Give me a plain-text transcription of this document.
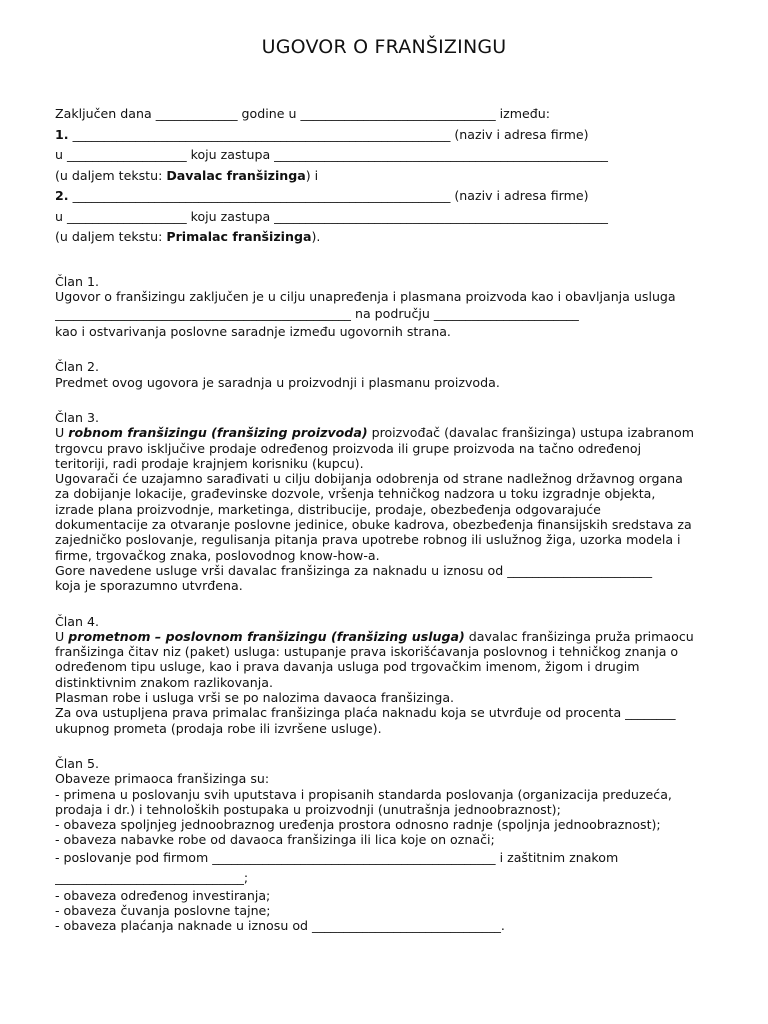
UGOVOR O FRANŠIZINGU
Zaključen dana _____________ godine u _______________________________ između:
1. ____________________________________________________________ (naziv i adresa firme)
u ___________________ koju zastupa _____________________________________________________
(u daljem tekstu: Davalac franšizinga) i
2. ____________________________________________________________ (naziv i adresa firme)
u ___________________ koju zastupa _____________________________________________________
(u daljem tekstu: Primalac franšizinga).
Član 1.
Ugovor o franšizingu zaključen je u cilju unapređenja i plasmana proizvoda kao i obavljanja usluga
_______________________________________________ na području _______________________
kao i ostvarivanja poslovne saradnje između ugovornih strana.
Član 2.
Predmet ovog ugovora je saradnja u proizvodnji i plasmanu proizvoda.
Član 3.
U robnom franšizingu (franšizing proizvoda) proizvođač (davalac franšizinga) ustupa izabranom
trgovcu pravo isključive prodaje određenog proizvoda ili grupe proizvoda na tačno određenoj
teritoriji, radi prodaje krajnjem korisniku (kupcu).
Ugovarači će uzajamno sarađivati u cilju dobijanja odobrenja od strane nadležnog državnog organa
za dobijanje lokacije, građevinske dozvole, vršenja tehničkog nadzora u toku izgradnje objekta,
izrade plana proizvodnje, marketinga, distribucije, prodaje, obezbeđenja odgovarajuće
dokumentacije za otvaranje poslovne jedinice, obuke kadrova, obezbeđenja finansijskih sredstava za
zajedničko poslovanje, regulisanja pitanja prava upotrebe robnog ili uslužnog žiga, uzorka modela i
firme, trgovačkog znaka, poslovodnog know-how-a.
Gore navedene usluge vrši davalac franšizinga za naknadu u iznosu od _______________________
koja je sporazumno utvrđena.
Član 4.
U prometnom – poslovnom franšizingu (franšizing usluga) davalac franšizinga pruža primaocu
franšizinga čitav niz (paket) usluga: ustupanje prava iskorišćavanja poslovnog i tehničkog znanja o
određenom tipu usluge, kao i prava davanja usluga pod trgovačkim imenom, žigom i drugim
distinktivnim znakom razlikovanja.
Plasman robe i usluga vrši se po nalozima davaoca franšizinga.
Za ova ustupljena prava primalac franšizinga plaća naknadu koja se utvrđuje od procenta ________
ukupnog prometa (prodaja robe ili izvršene usluge).
Član 5.
Obaveze primaoca franšizinga su:
- primena u poslovanju svih uputstava i propisanih standarda poslovanja (organizacija preduzeća,
prodaja i dr.) i tehnoloških postupaka u proizvodnji (unutrašnja jednoobraznost);
- obaveza spoljnjeg jednoobraznog uređenja prostora odnosno radnje (spoljnja jednoobraznost);
- obaveza nabavke robe od davaoca franšizinga ili lica koje on označi;
- poslovanje pod firmom _____________________________________________ i zaštitnim znakom
______________________________;
- obaveza određenog investiranja;
- obaveza čuvanja poslovne tajne;
- obaveza plaćanja naknade u iznosu od ______________________________.
